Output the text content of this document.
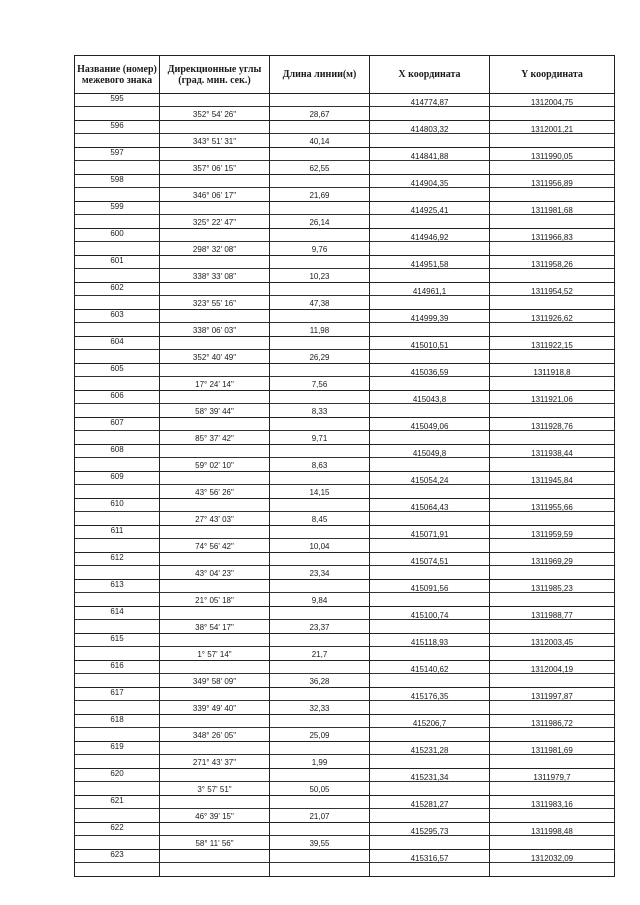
Название (номер) межевого знака	Дирекционные углы (град. мин. сек.)	Длина линии(м)	X координата	Y координата

595	352° 54' 26"	28,67	414774,87	1312004,75

596	343° 51' 31"	40,14	414803,32	1312001,21

597	357° 06' 15"	62,55	414841,88	1311990,05

598	346° 06' 17"	21,69	414904,35	1311956,89

599	325° 22' 47"	26,14	414925,41	1311981,68

600	298° 32' 08"	9,76	414946,92	1311966,83

601	338° 33' 08"	10,23	414951,58	1311958,26

602	323° 55' 16"	47,38	414961,1	1311954,52

603	338° 06' 03"	11,98	414999,39	1311926,62

604	352° 40' 49"	26,29	415010,51	1311922,15

605	17° 24' 14"	7,56	415036,59	1311918,8

606	58° 39' 44"	8,33	415043,8	1311921,06

607	85° 37' 42"	9,71	415049,06	1311928,76

608	59° 02' 10"	8,63	415049,8	1311938,44

609	43° 56' 26"	14,15	415054,24	1311945,84

610	27° 43' 03"	8,45	415064,43	1311955,66

611	74° 56' 42"	10,04	415071,91	1311959,59

612	43° 04' 23"	23,34	415074,51	1311969,29

613	21° 05' 18"	9,84	415091,56	1311985,23

614	38° 54' 17"	23,37	415100,74	1311988,77

615	1° 57' 14"	21,7	415118,93	1312003,45

616	349° 58' 09"	36,28	415140,62	1312004,19

617	339° 49' 40"	32,33	415176,35	1311997,87

618	348° 26' 05"	25,09	415206,7	1311986,72

619	271° 43' 37"	1,99	415231,28	1311981,69

620	3° 57' 51"	50,05	415231,34	1311979,7

621	46° 39' 15"	21,07	415281,27	1311983,16

622	58° 11' 56"	39,55	415295,73	1311998,48

623			415316,57	1312032,09
